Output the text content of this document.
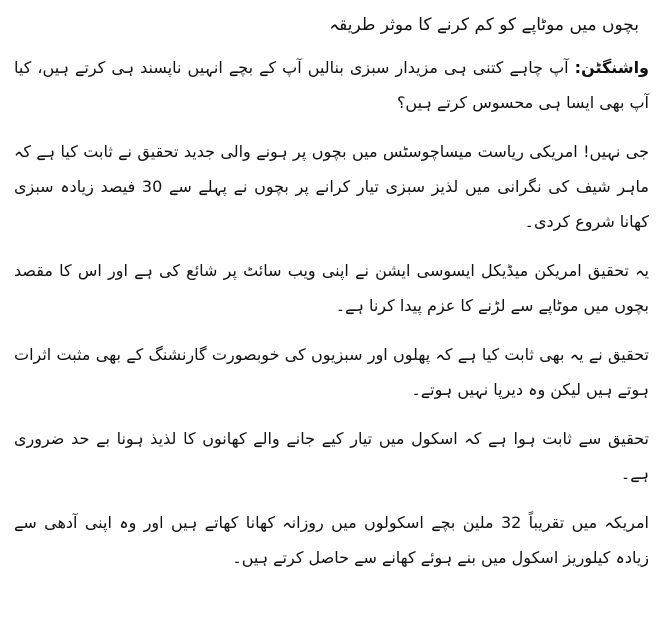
بچوں میں موٹاپے کو کم کرنے کا موثر طریقہ

واشنگٹن: آپ چاہے کتنی ہی مزیدار سبزی بنالیں آپ کے بچے انہیں ناپسند ہی کرتے ہیں، کیا آپ بھی ایسا ہی محسوس کرتے ہیں؟

جی نہیں! امریکی ریاست میساچوسٹس میں بچوں پر ہونے والی جدید تحقیق نے ثابت کیا ہے کہ ماہر شیف کی نگرانی میں لذیز سبزی تیار کرانے پر بچوں نے پہلے سے 30 فیصد زیادہ سبزی کھانا شروع کردی۔

یہ تحقیق امریکن میڈیکل ایسوسی ایشن نے اپنی ویب سائٹ پر شائع کی ہے اور اس کا مقصد بچوں میں موٹاپے سے لڑنے کا عزم پیدا کرنا ہے۔

تحقیق نے یہ بھی ثابت کیا ہے کہ پھلوں اور سبزیوں کی خوبصورت گارنشنگ کے بھی مثبت اثرات ہوتے ہیں لیکن وہ دیرپا نہیں ہوتے۔

تحقیق سے ثابت ہوا ہے کہ اسکول میں تیار کیے جانے والے کھانوں کا لذیذ ہونا بے حد ضروری ہے۔

امریکہ میں تقریباً 32 ملین بچے اسکولوں میں روزانہ کھانا کھاتے ہیں اور وہ اپنی آدھی سے زیادہ کیلوریز اسکول میں بنے ہوئے کھانے سے حاصل کرتے ہیں۔
